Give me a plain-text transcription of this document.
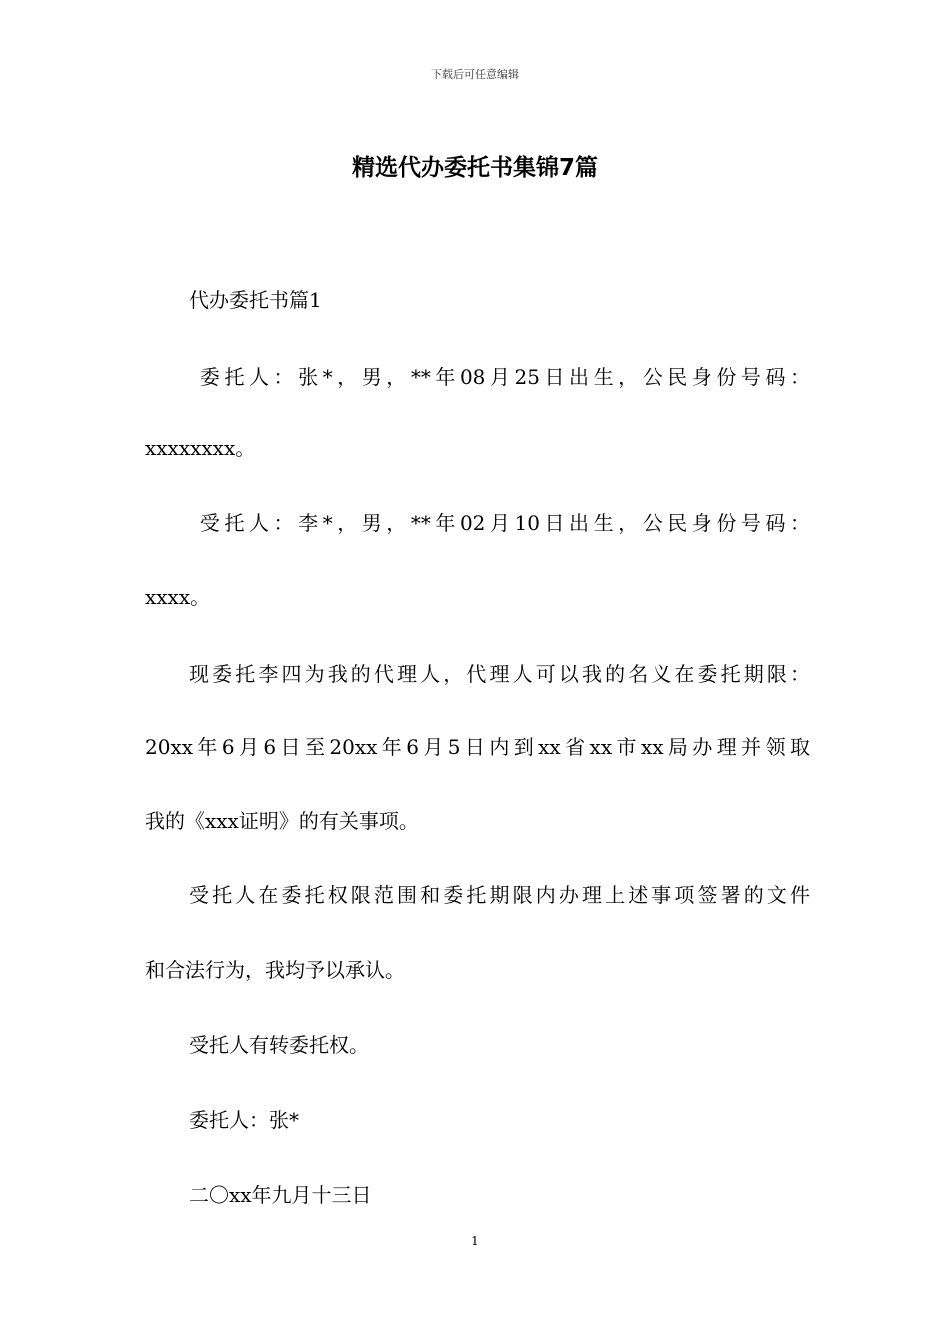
下载后可任意编辑
精选代办委托书集锦7篇

代办委托书篇1

委托人：张*，男，**年08月25日出生，公民身份号码：

xxxxxxxx。

受托人：李*，男，**年02月10日出生，公民身份号码：

xxxx。

现委托李四为我的代理人，代理人可以我的名义在委托期限：

20xx年6月6日至20xx年6月5日内到xx省xx市xx局办理并领取

我的《xxx证明》的有关事项。

受托人在委托权限范围和委托期限内办理上述事项签署的文件

和合法行为，我均予以承认。

受托人有转委托权。

委托人：张*

二〇xx年九月十三日

1
